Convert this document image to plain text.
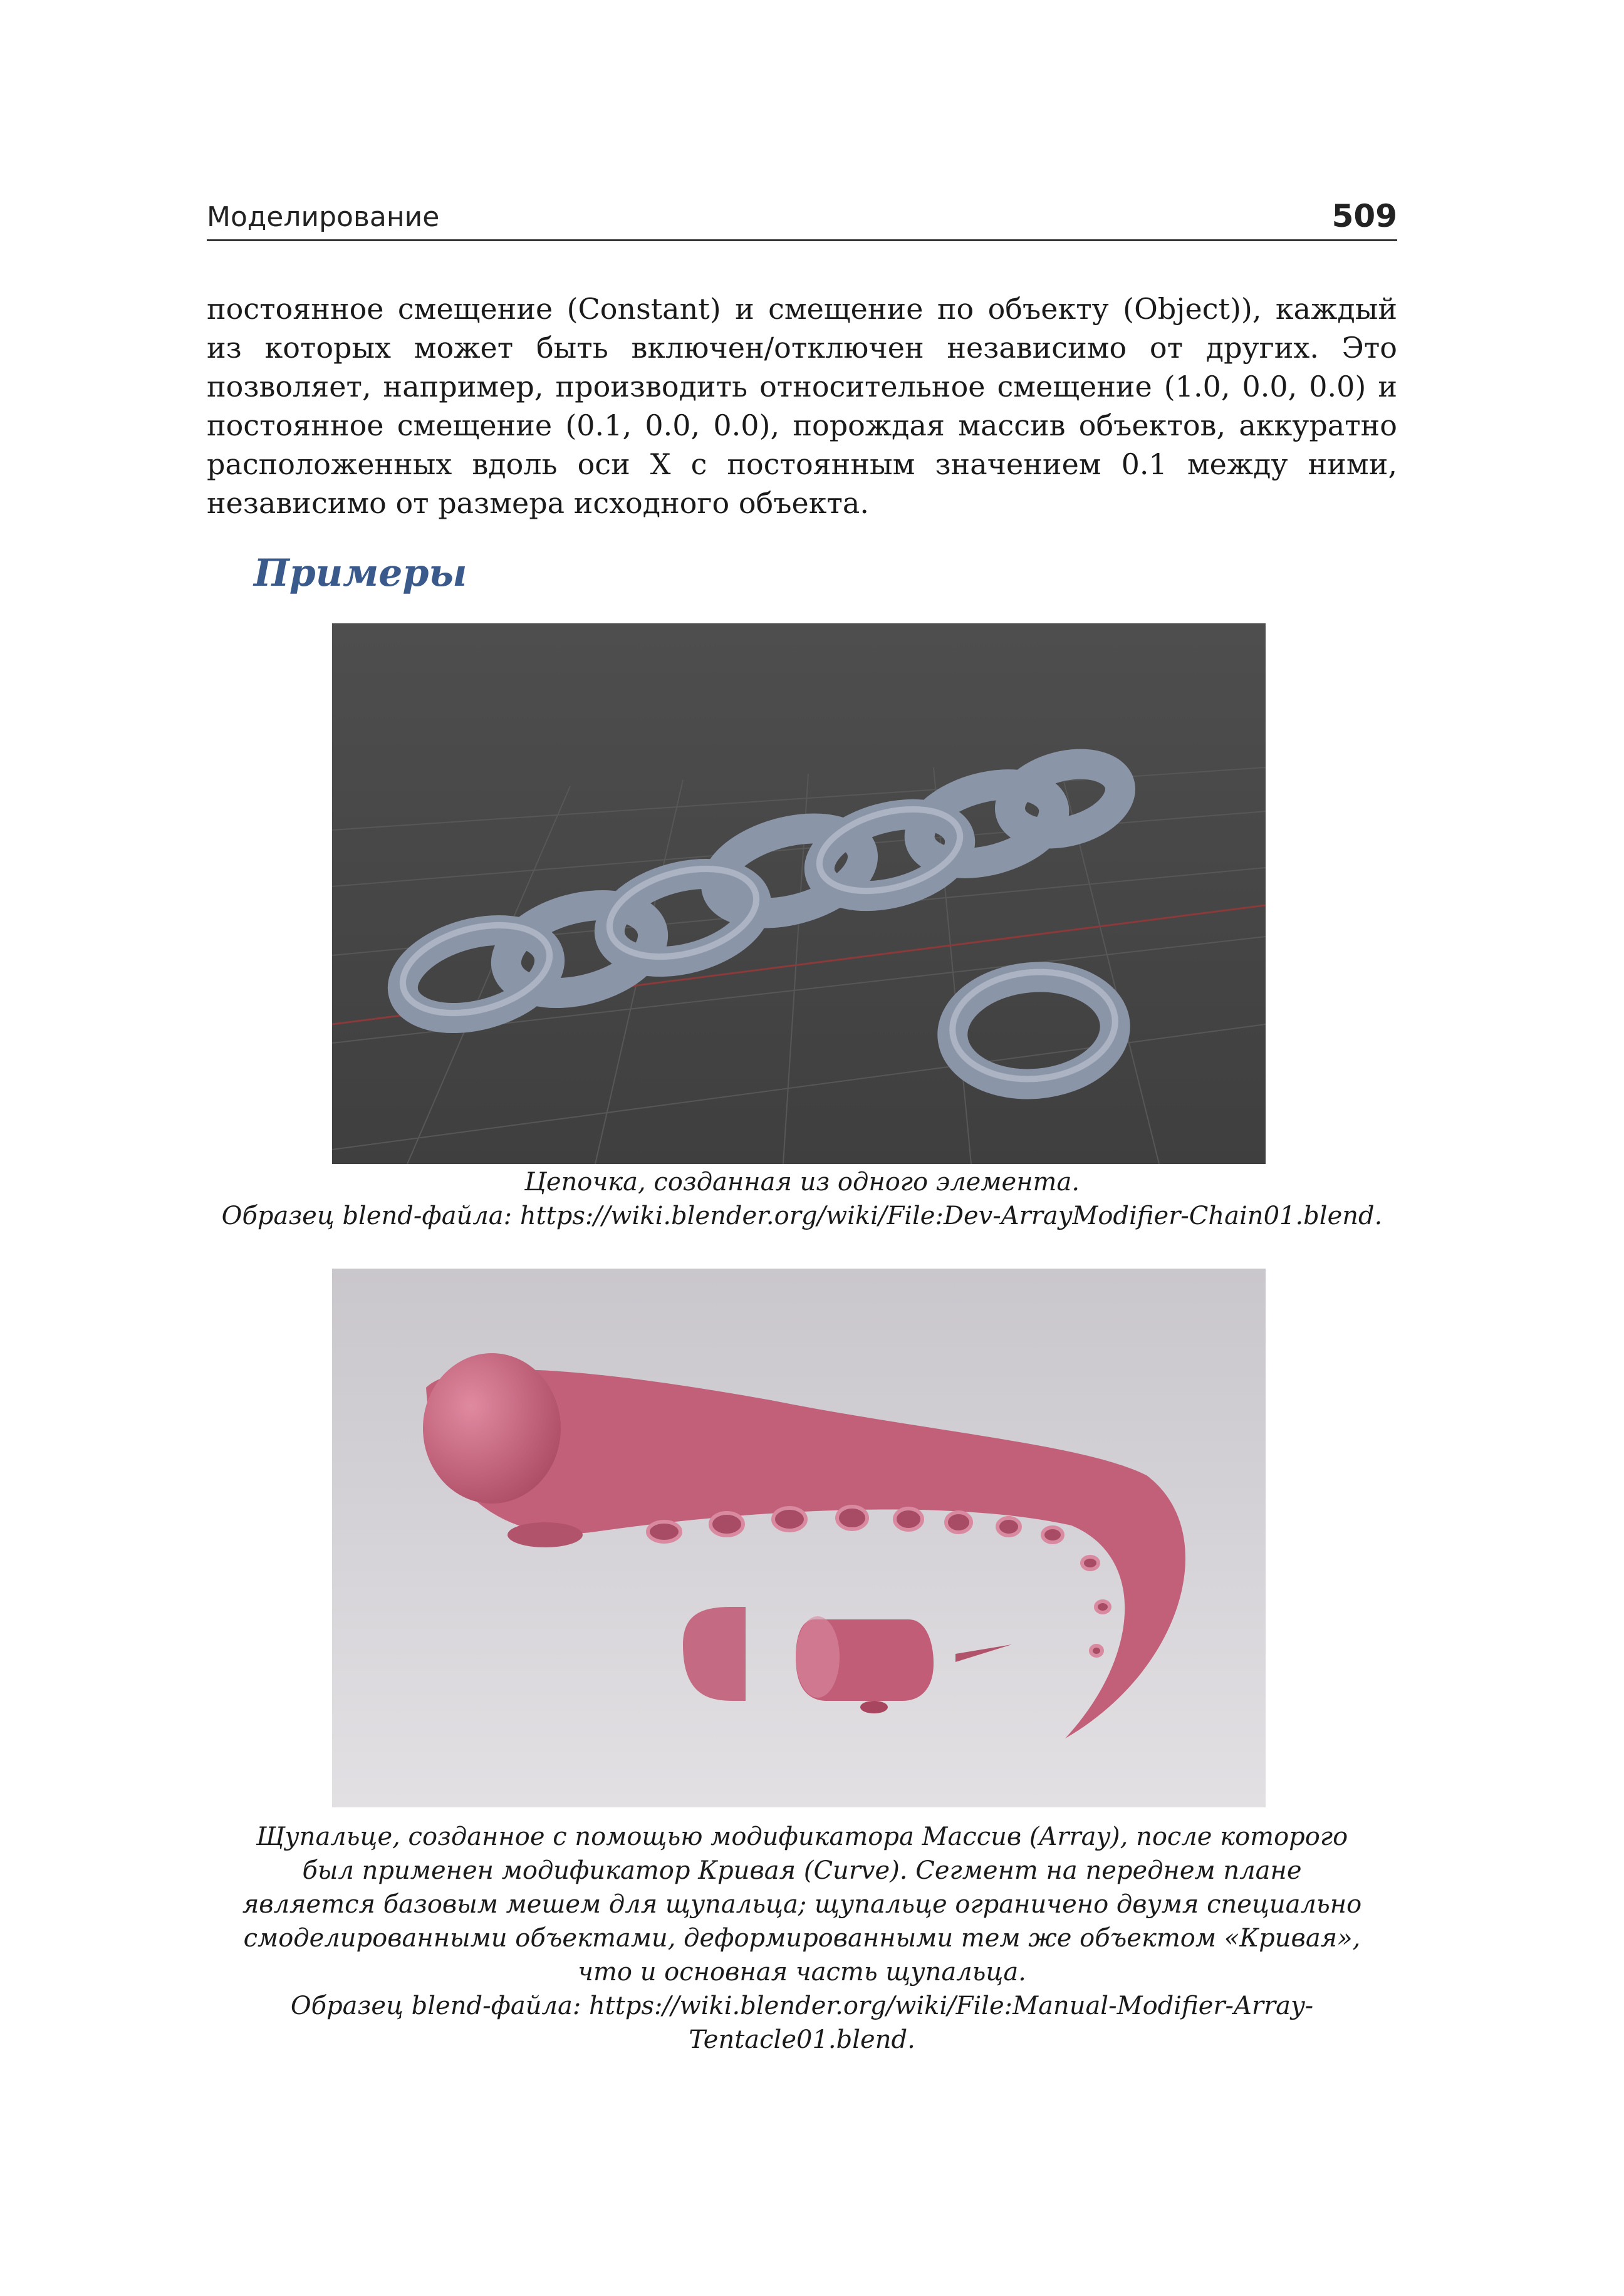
Моделирование	509

постоянное смещение (Constant) и смещение по объекту (Object)), каждый из которых может быть включен/отключен независимо от других. Это позволяет, например, производить относительное смещение (1.0, 0.0, 0.0) и постоянное смещение (0.1, 0.0, 0.0), порождая массив объектов, аккуратно расположенных вдоль оси X с постоянным значением 0.1 между ними, независимо от размера исходного объекта.

Примеры

Цепочка, созданная из одного элемента.
Образец blend-файла: https://wiki.blender.org/wiki/File:Dev-ArrayModifier-Chain01.blend.

Щупальце, созданное с помощью модификатора Массив (Array), после которого
был применен модификатор Кривая (Curve). Сегмент на переднем плане
является базовым мешем для щупальца; щупальце ограничено двумя специально
смоделированными объектами, деформированными тем же объектом «Кривая»,
что и основная часть щупальца.
Образец blend-файла: https://wiki.blender.org/wiki/File:Manual-Modifier-Array-Tentacle01.blend.
